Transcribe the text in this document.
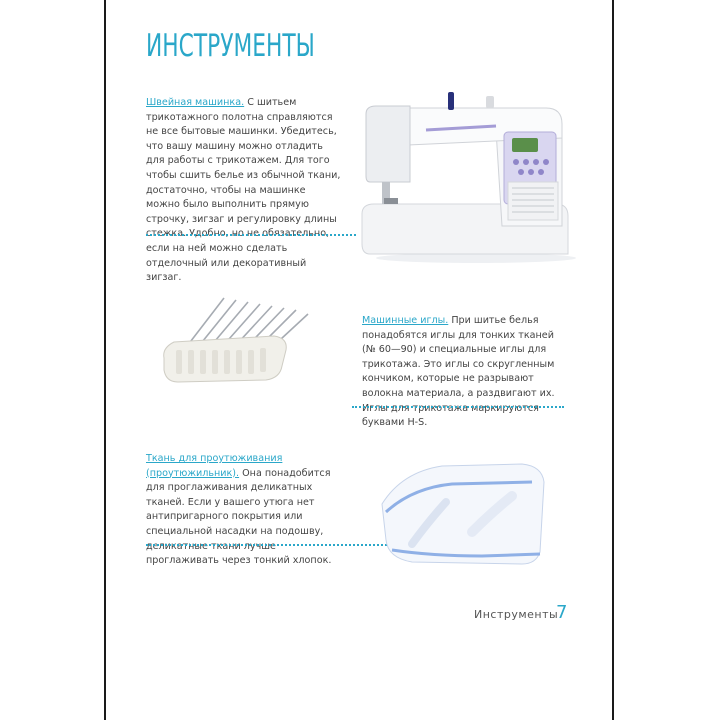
ИНСТРУМЕНТЫ
Швейная машинка. С шитьем трикотажного полотна справляются не все бытовые машинки. Убедитесь, что вашу машину можно отладить для работы с трикотажем. Для того чтобы сшить белье из обычной ткани, достаточно, чтобы на машинке можно было выполнить прямую строчку, зигзаг и регулировку длины стежка. Удобно, но не обязательно, если на ней можно сделать отделочный или декоративный зигзаг.
Машинные иглы. При шитье белья понадобятся иглы для тонких тканей (№ 60—90) и специальные иглы для трикотажа. Это иглы со скругленным кончиком, которые не разрывают волокна материала, а раздвигают их. Иглы для трикотажа маркируются буквами H-S.
Ткань для проутюживания (проутюжильник). Она понадобится для проглаживания деликатных тканей. Если у вашего утюга нет антипригарного покрытия или специальной насадки на подошву, деликатные ткани лучше проглаживать через тонкий хлопок.
Инструменты
7
